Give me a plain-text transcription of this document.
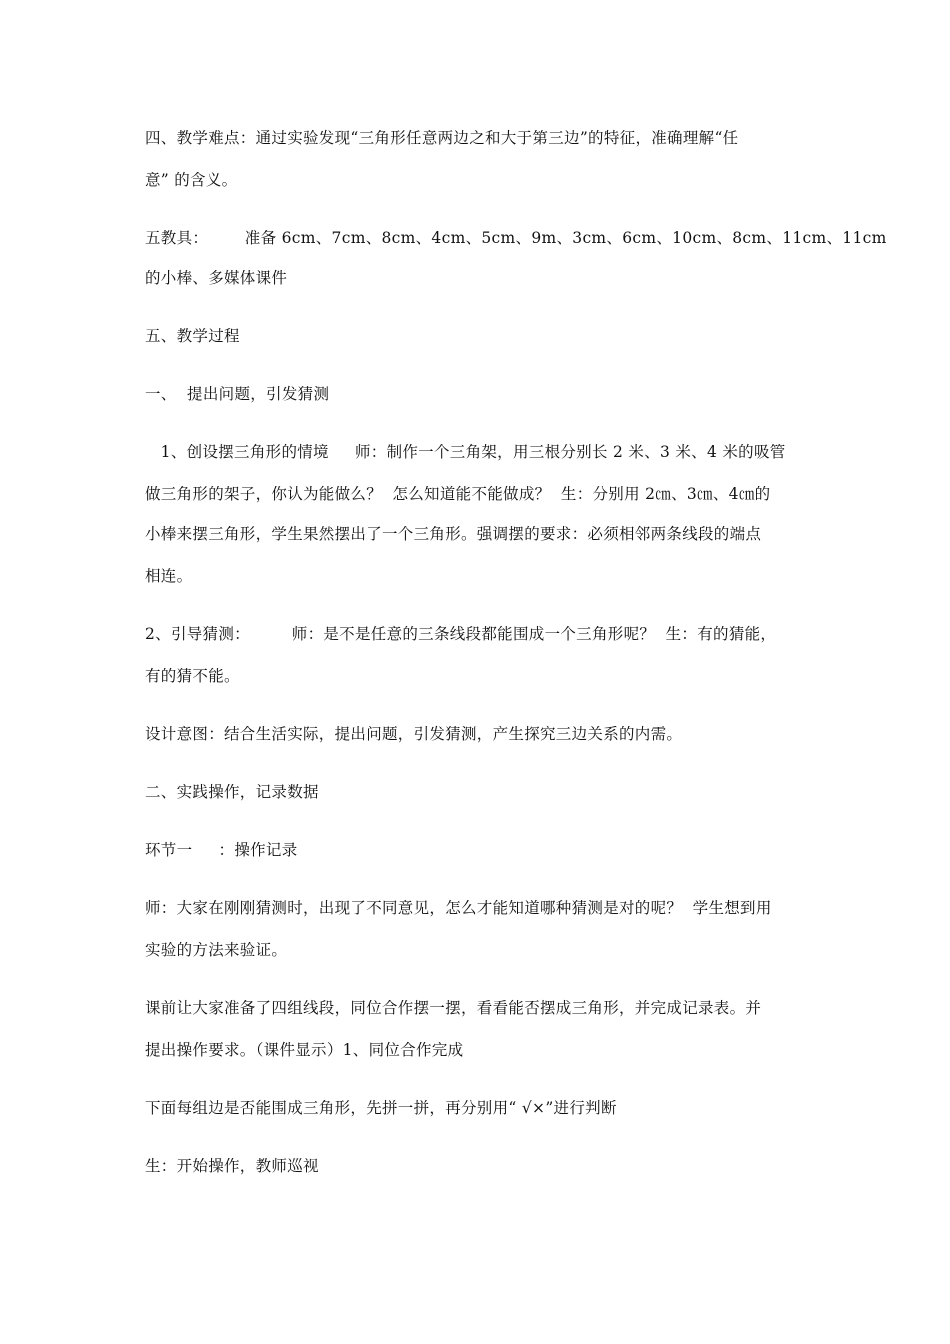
四、教学难点：通过实验发现“三角形任意两边之和大于第三边”的特征，准确理解“任
意” 的含义。
五教具：       准备 6cm、7cm、8cm、4cm、5cm、9m、3cm、6cm、10cm、8cm、11cm、11cm
的小棒、多媒体课件
五、教学过程
一、  提出问题，引发猜测
1、创设摆三角形的情境     师：制作一个三角架，用三根分别长 2 米、3 米、4 米的吸管
做三角形的架子，你认为能做么？  怎么知道能不能做成？  生：分别用 2㎝、3㎝、4㎝的
小棒来摆三角形，学生果然摆出了一个三角形。强调摆的要求：必须相邻两条线段的端点
相连。
2、引导猜测：        师：是不是任意的三条线段都能围成一个三角形呢？  生：有的猜能，
有的猜不能。
设计意图：结合生活实际，提出问题，引发猜测，产生探究三边关系的内需。
二、实践操作，记录数据
环节一     ：操作记录
师：大家在刚刚猜测时，出现了不同意见，怎么才能知道哪种猜测是对的呢？  学生想到用
实验的方法来验证。
课前让大家准备了四组线段，同位合作摆一摆，看看能否摆成三角形，并完成记录表。并
提出操作要求。（课件显示）1、同位合作完成
下面每组边是否能围成三角形，先拼一拼，再分别用“ √×”进行判断
生：开始操作，教师巡视
